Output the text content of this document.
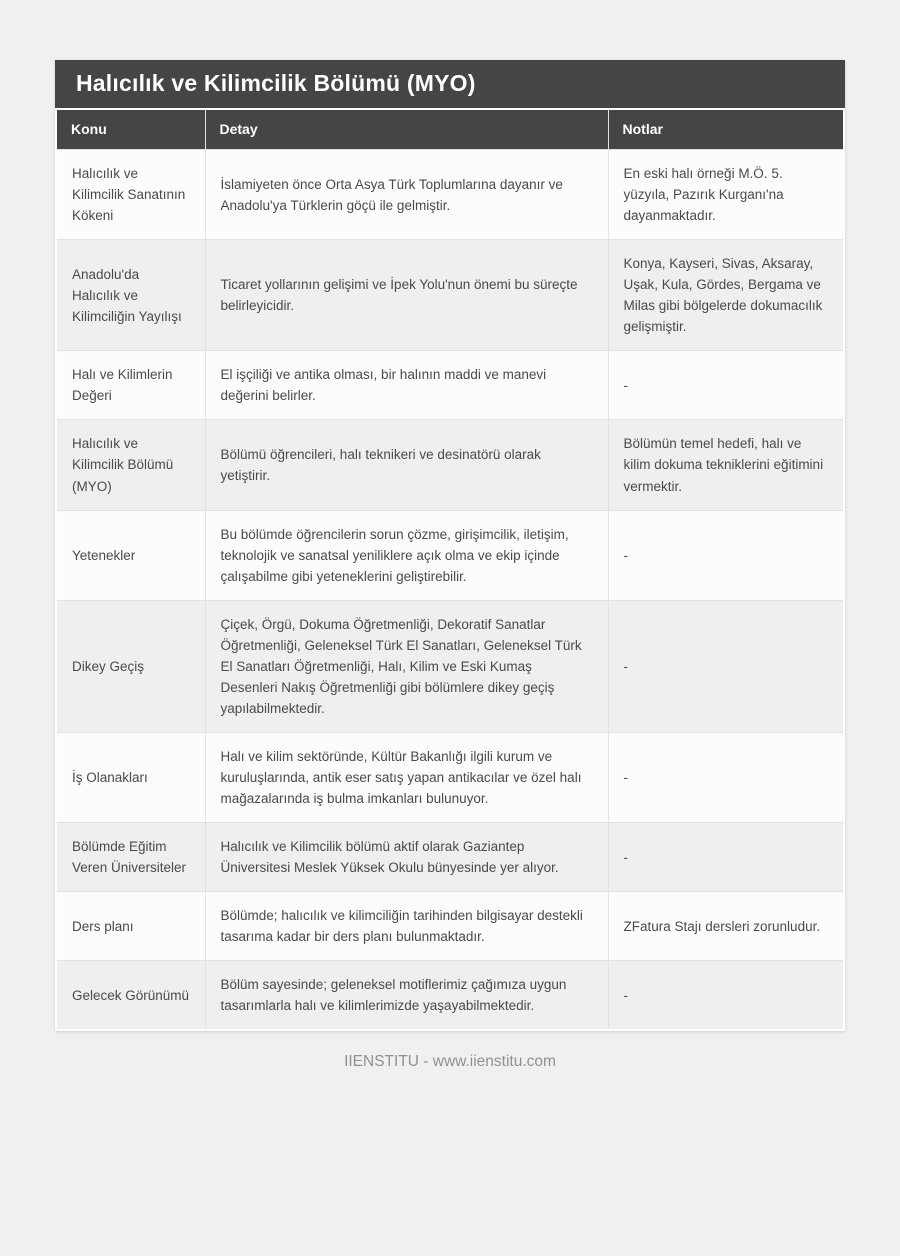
Halıcılık ve Kilimcilik Bölümü (MYO)
Konu	Detay	Notlar
Halıcılık ve Kilimcilik Sanatının Kökeni	İslamiyeten önce Orta Asya Türk Toplumlarına dayanır ve Anadolu'ya Türklerin göçü ile gelmiştir.	En eski halı örneği M.Ö. 5. yüzyıla, Pazırık Kurganı'na dayanmaktadır.
Anadolu'da Halıcılık ve Kilimciliğin Yayılışı	Ticaret yollarının gelişimi ve İpek Yolu'nun önemi bu süreçte belirleyicidir.	Konya, Kayseri, Sivas, Aksaray, Uşak, Kula, Gördes, Bergama ve Milas gibi bölgelerde dokumacılık gelişmiştir.
Halı ve Kilimlerin Değeri	El işçiliği ve antika olması, bir halının maddi ve manevi değerini belirler.	-
Halıcılık ve Kilimcilik Bölümü (MYO)	Bölümü öğrencileri, halı teknikeri ve desinatörü olarak yetiştirir.	Bölümün temel hedefi, halı ve kilim dokuma tekniklerini eğitimini vermektir.
Yetenekler	Bu bölümde öğrencilerin sorun çözme, girişimcilik, iletişim, teknolojik ve sanatsal yeniliklere açık olma ve ekip içinde çalışabilme gibi yeteneklerini geliştirebilir.	-
Dikey Geçiş	Çiçek, Örgü, Dokuma Öğretmenliği, Dekoratif Sanatlar Öğretmenliği, Geleneksel Türk El Sanatları, Geleneksel Türk El Sanatları Öğretmenliği, Halı, Kilim ve Eski Kumaş Desenleri Nakış Öğretmenliği gibi bölümlere dikey geçiş yapılabilmektedir.	-
İş Olanakları	Halı ve kilim sektöründe, Kültür Bakanlığı ilgili kurum ve kuruluşlarında, antik eser satış yapan antikacılar ve özel halı mağazalarında iş bulma imkanları bulunuyor.	-
Bölümde Eğitim Veren Üniversiteler	Halıcılık ve Kilimcilik bölümü aktif olarak Gaziantep Üniversitesi Meslek Yüksek Okulu bünyesinde yer alıyor.	-
Ders planı	Bölümde; halıcılık ve kilimciliğin tarihinden bilgisayar destekli tasarıma kadar bir ders planı bulunmaktadır.	ZFatura Stajı dersleri zorunludur.
Gelecek Görünümü	Bölüm sayesinde; geleneksel motiflerimiz çağımıza uygun tasarımlarla halı ve kilimlerimizde yaşayabilmektedir.	-
IIENSTITU - www.iienstitu.com
